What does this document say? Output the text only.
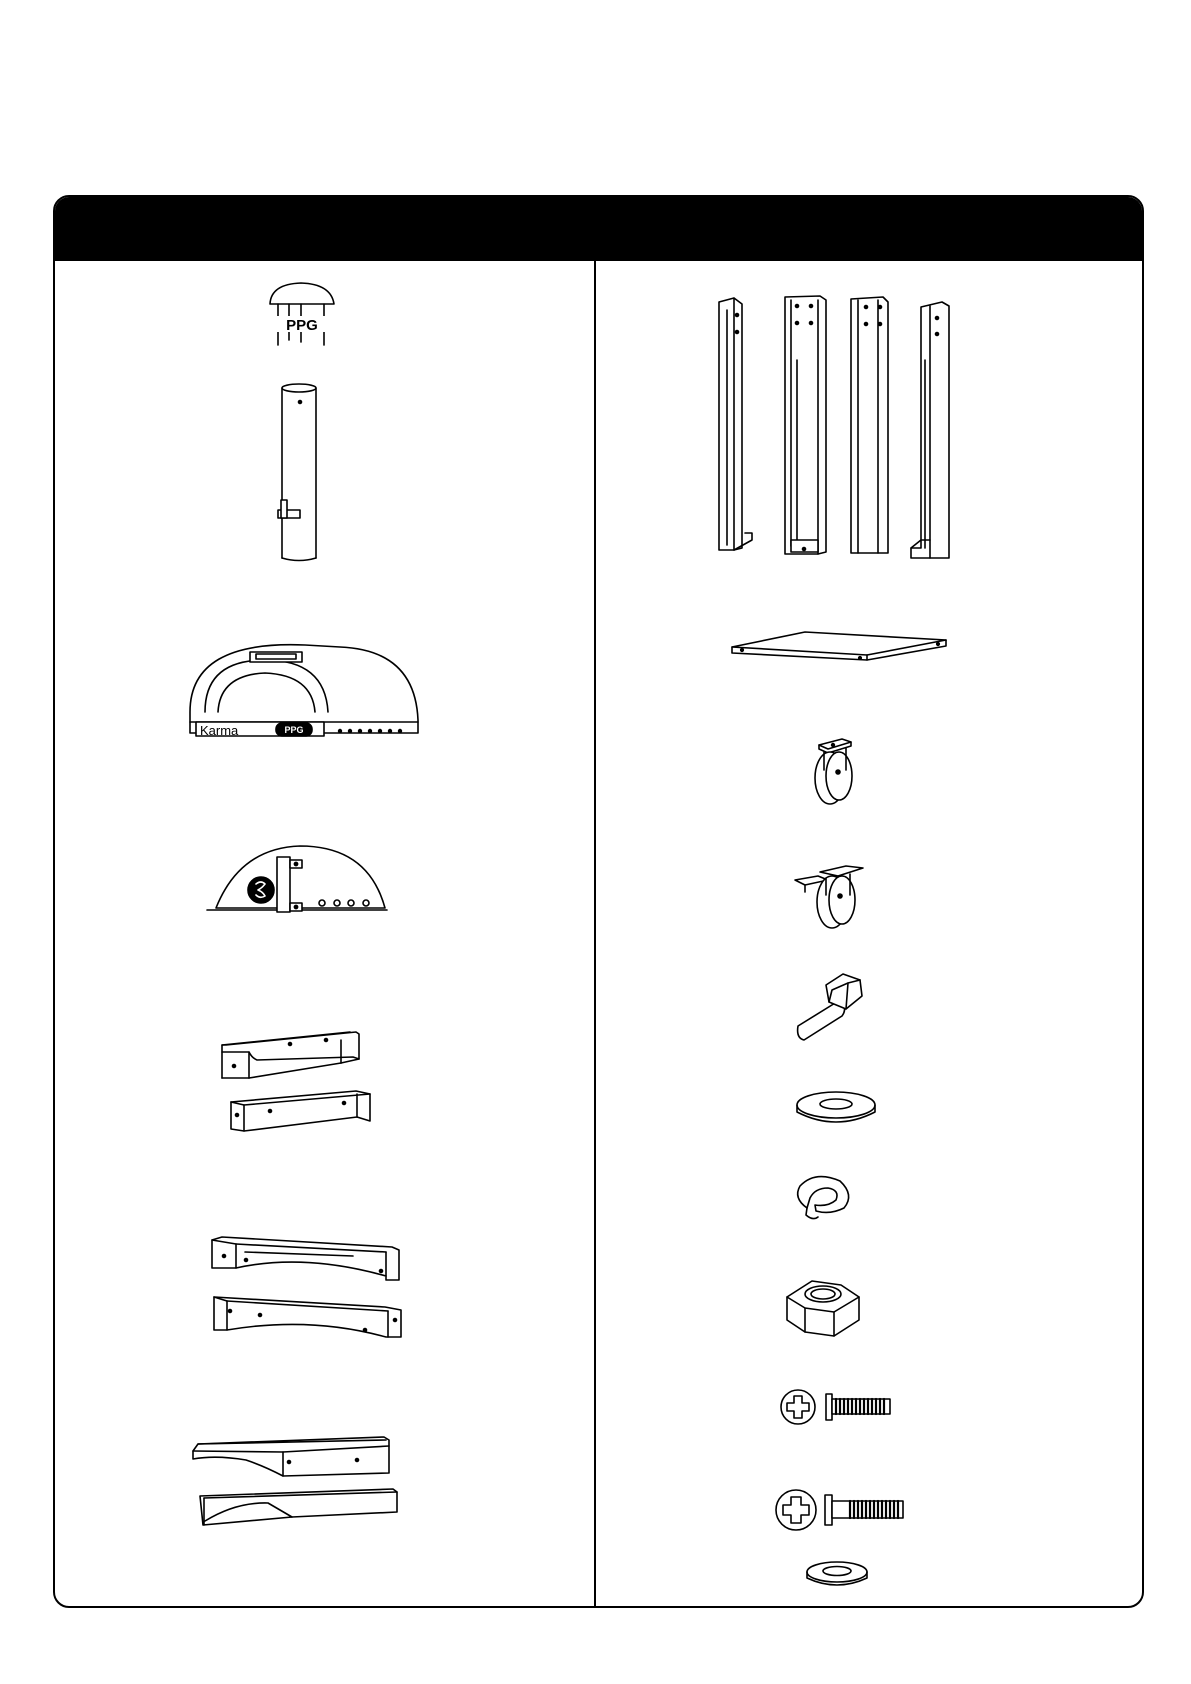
PPG
Karma	PPG
